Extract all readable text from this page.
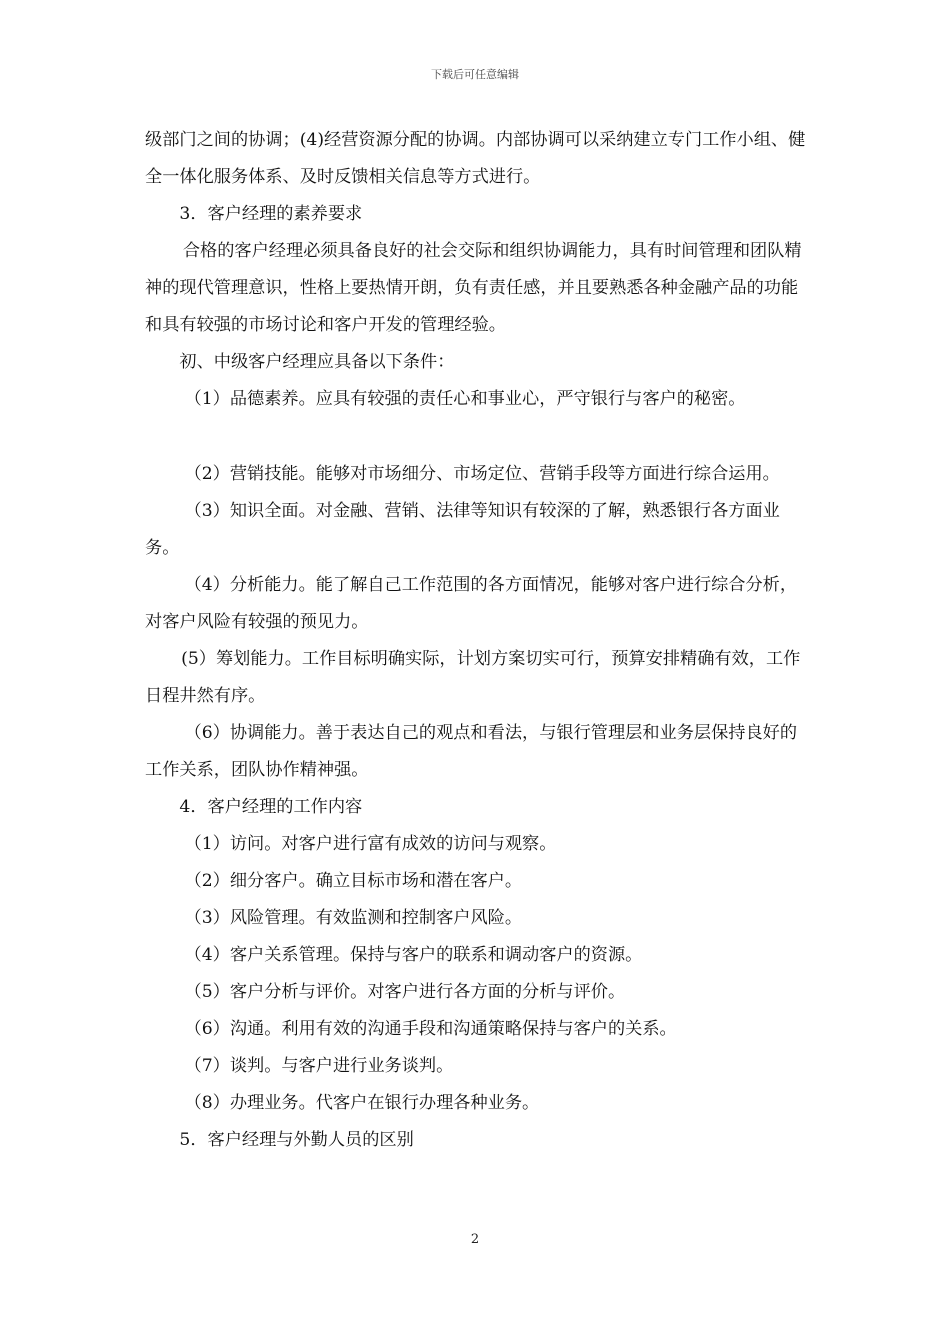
下载后可任意编辑

级部门之间的协调；(4)经营资源分配的协调。内部协调可以采纳建立专门工作小组、健全一体化服务体系、及时反馈相关信息等方式进行。

3．客户经理的素养要求

合格的客户经理必须具备良好的社会交际和组织协调能力，具有时间管理和团队精神的现代管理意识，性格上要热情开朗，负有责任感，并且要熟悉各种金融产品的功能和具有较强的市场讨论和客户开发的管理经验。

初、中级客户经理应具备以下条件：

（1）品德素养。应具有较强的责任心和事业心，严守银行与客户的秘密。

（2）营销技能。能够对市场细分、市场定位、营销手段等方面进行综合运用。

（3）知识全面。对金融、营销、法律等知识有较深的了解，熟悉银行各方面业务。

（4）分析能力。能了解自己工作范围的各方面情况，能够对客户进行综合分析，对客户风险有较强的预见力。

(5）筹划能力。工作目标明确实际，计划方案切实可行，预算安排精确有效，工作日程井然有序。

（6）协调能力。善于表达自己的观点和看法，与银行管理层和业务层保持良好的工作关系，团队协作精神强。

4．客户经理的工作内容

（1）访问。对客户进行富有成效的访问与观察。

（2）细分客户。确立目标市场和潜在客户。

（3）风险管理。有效监测和控制客户风险。

（4）客户关系管理。保持与客户的联系和调动客户的资源。

（5）客户分析与评价。对客户进行各方面的分析与评价。

（6）沟通。利用有效的沟通手段和沟通策略保持与客户的关系。

（7）谈判。与客户进行业务谈判。

（8）办理业务。代客户在银行办理各种业务。

5．客户经理与外勤人员的区别

2
